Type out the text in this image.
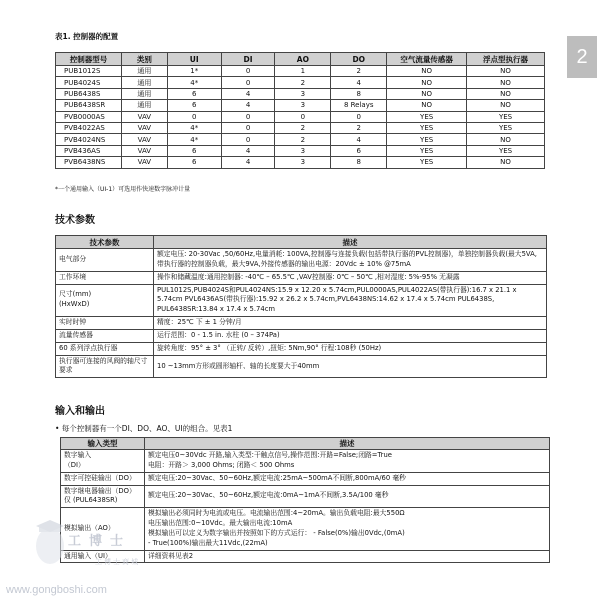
2
表1. 控制器的配置
控制器型号	类别	UI	DI	AO	DO	空气流量传感器	浮点型执行器
PUB1012S	通用	1*	0	1	2	NO	NO
PUB4024S	通用	4*	0	2	4	NO	NO
PUB6438S	通用	6	4	3	8	NO	NO
PUB6438SR	通用	6	4	3	8 Relays	NO	NO
PVB0000AS	VAV	0	0	0	0	YES	YES
PVB4022AS	VAV	4*	0	2	2	YES	YES
PVB4024NS	VAV	4*	0	2	4	YES	NO
PVB436AS	VAV	6	4	3	6	YES	YES
PVB6438NS	VAV	6	4	3	8	YES	NO
*一个通用输入（UI-1）可选用作快速数字脉冲计量
技术参数
技术参数	描述
电气部分	额定电压: 20-30Vac ,50/60Hz,电量消耗: 100VA,控制器与连接负载(包括带执行器的PVL控制器)，单独控制器负载(最大5VA,带执行器的控制器负载，最大9VA,外接传感器的输出电源：20Vdc ± 10% @75mA
工作环境	操作和储藏温度:通用控制器: -40℃ – 65.5℃ ,VAV控制器: 0℃ – 50℃ ,相对湿度: 5%-95% 无凝露
尺寸(mm)
(HxWxD)	PUL1012S,PUB4024S和PUL4024NS:15.9 x 12.20 x 5.74cm,PUL0000AS,PUL4022AS(带执行器):16.7 x 21.1 x 5.74cm PVL6436AS(带执行器):15.92 x 26.2 x 5.74cm,PVL6438NS:14.62 x 17.4 x 5.74cm PUL6438S, PUL6438SR:13.84 x 17.4 x 5.74cm
实时时钟	精度：25℃ 下 ± 1 分钟/月
流量传感器	运行范围：0 - 1.5 in. 水柱 (0 – 374Pa)
60 系列浮点执行器	旋转角度：95° ± 3° （正转/ 反转）,扭矩: 5Nm,90° 行程:108秒 (50Hz)
执行器可连接的风阀的轴尺寸要求	10 ~13mm方形或圆形轴杆、轴的长度要大于40mm
输入和输出
• 每个控制器有一个DI、DO、AO、UI的组合。见表1
输入类型	描述
数字输入
（DI）	额定电压0~30Vdc 开路,输入类型:干触点信号,操作范围:开路=False;闭路=True
电阻：开路＞ 3,000 Ohms; 闭路＜ 500 Ohms
数字可控硅输出（DO）	额定电压:20~30Vac、50~60Hz,额定电流:25mA~500mA不间断,800mA/60 毫秒
数字继电器输出（DO）仅 (PUL6438SR)	额定电压:20~30Vac、50~60Hz,额定电流:0mA~1mA不间断,3.5A/100 毫秒
模拟输出（AO）	模拟输出必须同时为电流或电压。电流输出范围:4~20mA。输出负载电阻:最大550Ω
电压输出范围:0~10Vdc。最大输出电流:10mA
模拟输出可以定义为数字输出并按照如下的方式运行： - False(0%)输出0Vdc,(0mA)
- True(100%)输出最大11Vdc,(22mA)
通用输入（UI）	详细资料见表2
工博士
工博士商城
www.gongboshi.com
